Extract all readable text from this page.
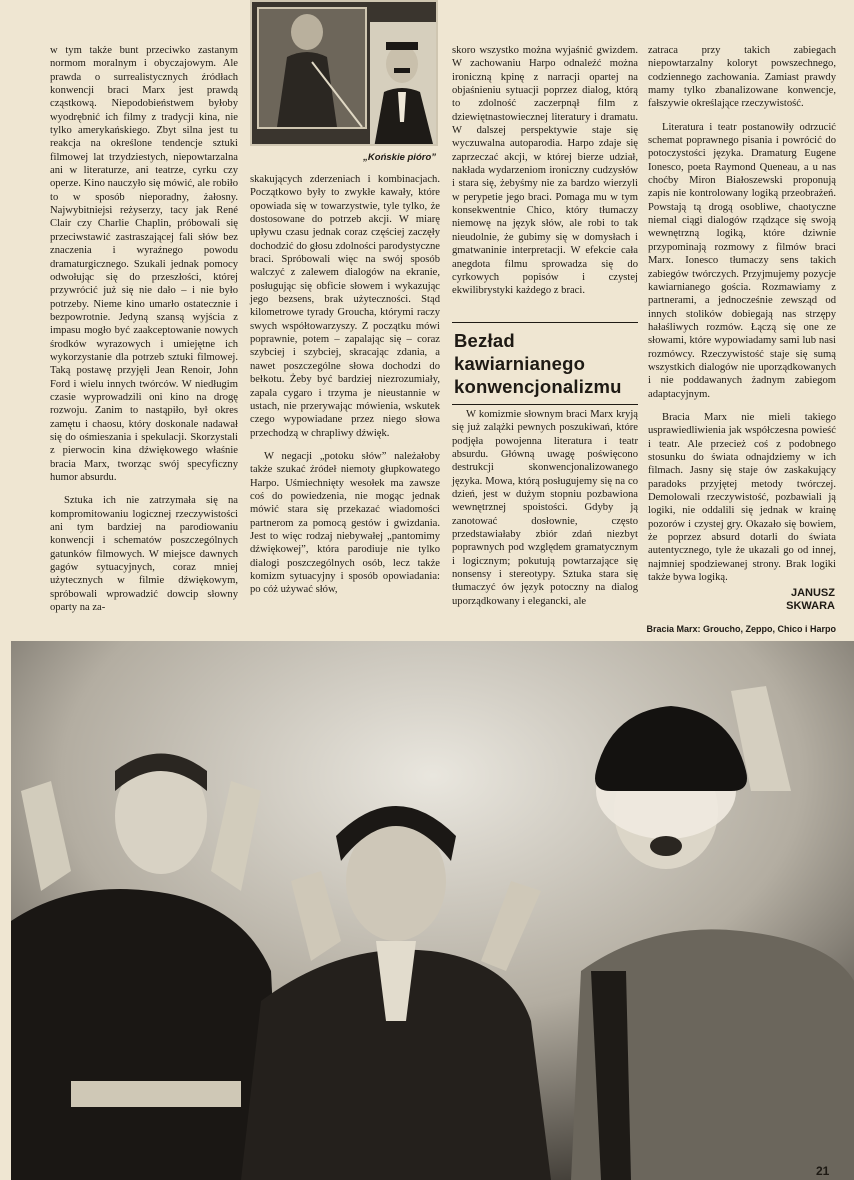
w tym także bunt przeciwko zastanym normom moralnym i obyczajowym. Ale prawda o surrealistycznych źródłach konwencji braci Marx jest prawdą cząstkową. Niepodobieństwem byłoby wyodrębnić ich filmy z tradycji kina, nie tylko amerykańskiego. Zbyt silna jest tu reakcja na określone tendencje sztuki filmowej lat trzydziestych, niepowtarzalna ani w literaturze, ani teatrze, cyrku czy operze. Kino nauczyło się mówić, ale robiło to w sposób nieporadny, żałosny. Najwybitniejsi reżyserzy, tacy jak René Clair czy Charlie Chaplin, próbowali się przeciwstawić zastraszającej fali słów bez znaczenia i wyraźnego powodu dramaturgicznego. Szukali jednak pomocy odwołując się do przeszłości, której przywrócić już się nie dało – i nie było potrzeby. Nieme kino umarło ostatecznie i bezpowrotnie. Jedyną szansą wyjścia z impasu mogło być zaakceptowanie nowych środków wyrazowych i umiejętne ich wykorzystanie dla potrzeb sztuki filmowej. Taką postawę przyjęli Jean Renoir, John Ford i wielu innych twórców. W niedługim czasie wyprowadzili oni kino na drogę rozwoju. Zanim to nastąpiło, był okres zamętu i chaosu, który doskonale nadawał się do ośmieszania i spekulacji. Skorzystali z pierwocin kina dźwiękowego właśnie bracia Marx, tworząc swój specyficzny humor absurdu.

Sztuka ich nie zatrzymała się na kompromitowaniu logicznej rzeczywistości ani tym bardziej na parodiowaniu konwencji i schematów poszczególnych gatunków filmowych. W miejsce dawnych gagów sytuacyjnych, coraz mniej użytecznych w filmie dźwiękowym, spróbowali wprowadzić dowcip słowny oparty na za-

„Końskie pióro”

skakujących zderzeniach i kombinacjach. Początkowo były to zwykłe kawały, które opowiada się w towarzystwie, tyle tylko, że dostosowane do potrzeb akcji. W miarę upływu czasu jednak coraz częściej zaczęły dochodzić do głosu zdolności parodystyczne braci. Spróbowali więc na swój sposób walczyć z zalewem dialogów na ekranie, posługując się obficie słowem i wykazując jego bezsens, brak użyteczności. Stąd kilometrowe tyrady Groucha, którymi raczy swych współtowarzyszy. Z początku mówi poprawnie, potem – zapalając się – coraz szybciej i szybciej, skracając zdania, a nawet poszczególne słowa dochodzi do bełkotu. Żeby być bardziej niezrozumiały, zapala cygaro i trzyma je nieustannie w ustach, nie przerywając mówienia, wskutek czego wypowiadane przez niego słowa przechodzą w chrapliwy dźwięk.

W negacji „potoku słów” należałoby także szukać źródeł niemoty głupkowatego Harpo. Uśmiechnięty wesołek ma zawsze coś do powiedzenia, nie mogąc jednak mówić stara się przekazać wiadomości partnerom za pomocą gestów i gwizdania. Jest to więc rodzaj niebywałej „pantomimy dźwiękowej”, która parodiuje nie tylko dialogi poszczególnych osób, lecz także komizm sytuacyjny i sposób opowiadania: po cóż używać słów,

skoro wszystko można wyjaśnić gwizdem. W zachowaniu Harpo odnaleźć można ironiczną kpinę z narracji opartej na objaśnieniu sytuacji poprzez dialog, którą to zdolność zaczerpnął film z dziewiętnastowiecznej literatury i dramatu. W dalszej perspektywie staje się wyczuwalna autoparodia. Harpo zdaje się zaprzeczać akcji, w której bierze udział, nakłada wydarzeniom ironiczny cudzysłów i stara się, żebyśmy nie za bardzo wierzyli w perypetie jego braci. Pomaga mu w tym konsekwentnie Chico, który tłumaczy niemowę na język słów, ale robi to tak nieudolnie, że gubimy się w domysłach i gmatwaninie interpretacji. W efekcie cała anegdota filmu sprowadza się do cyrkowych popisów i czystej ekwilibrystyki każdego z braci.

Bezład
kawiarnianego
konwencjonalizmu

W komizmie słownym braci Marx kryją się już zalążki pewnych poszukiwań, które podjęła powojenna literatura i teatr absurdu. Główną uwagę poświęcono destrukcji skonwencjonalizowanego języka. Mowa, którą posługujemy się na co dzień, jest w dużym stopniu pozbawiona wewnętrznej spoistości. Gdyby ją zanotować dosłownie, często przedstawiałaby zbiór zdań niezbyt poprawnych pod względem gramatycznym i logicznym; pokutują powtarzające się nonsensy i stereotypy. Sztuka stara się tłumaczyć ów język potoczny na dialog uporządkowany i elegancki, ale

zatraca przy takich zabiegach niepowtarzalny koloryt powszechnego, codziennego zachowania. Zamiast prawdy mamy tylko zbanalizowane konwencje, fałszywie określające rzeczywistość.

Literatura i teatr postanowiły odrzucić schemat poprawnego pisania i powrócić do potoczystości języka. Dramaturg Eugene Ionesco, poeta Raymond Queneau, a u nas choćby Miron Białoszewski proponują zapis nie kontrolowany logiką przeobrażeń. Powstają tą drogą osobliwe, chaotyczne niemal ciągi dialogów rządzące się swoją wewnętrzną logiką, które dziwnie przypominają rozmowy z filmów braci Marx. Ionesco tłumaczy sens takich zabiegów twórczych. Przyjmujemy pozycje kawiarnianego gościa. Rozmawiamy z partnerami, a jednocześnie zewsząd od innych stolików dobiegają nas strzępy hałaśliwych rozmów. Łączą się one ze słowami, które wypowiadamy sami lub nasi rozmówcy. Rzeczywistość staje się sumą wszystkich dialogów nie uporządkowanych i nie poddawanych żadnym zabiegom adaptacyjnym.

Bracia Marx nie mieli takiego usprawiedliwienia jak współczesna powieść i teatr. Ale przecież coś z podobnego stosunku do świata odnajdziemy w ich filmach. Jasny się staje ów zaskakujący paradoks przyjętej metody twórczej. Demolowali rzeczywistość, pozbawiali ją logiki, nie oddalili się jednak w krainę pozorów i czystej gry. Okazało się bowiem, że poprzez absurd dotarli do świata autentycznego, tyle że ukazali go od innej, najmniej spodziewanej strony. Brak logiki także bywa logiką.

JANUSZ
SKWARA
Bracia Marx: Groucho, Zeppo, Chico i Harpo
21
